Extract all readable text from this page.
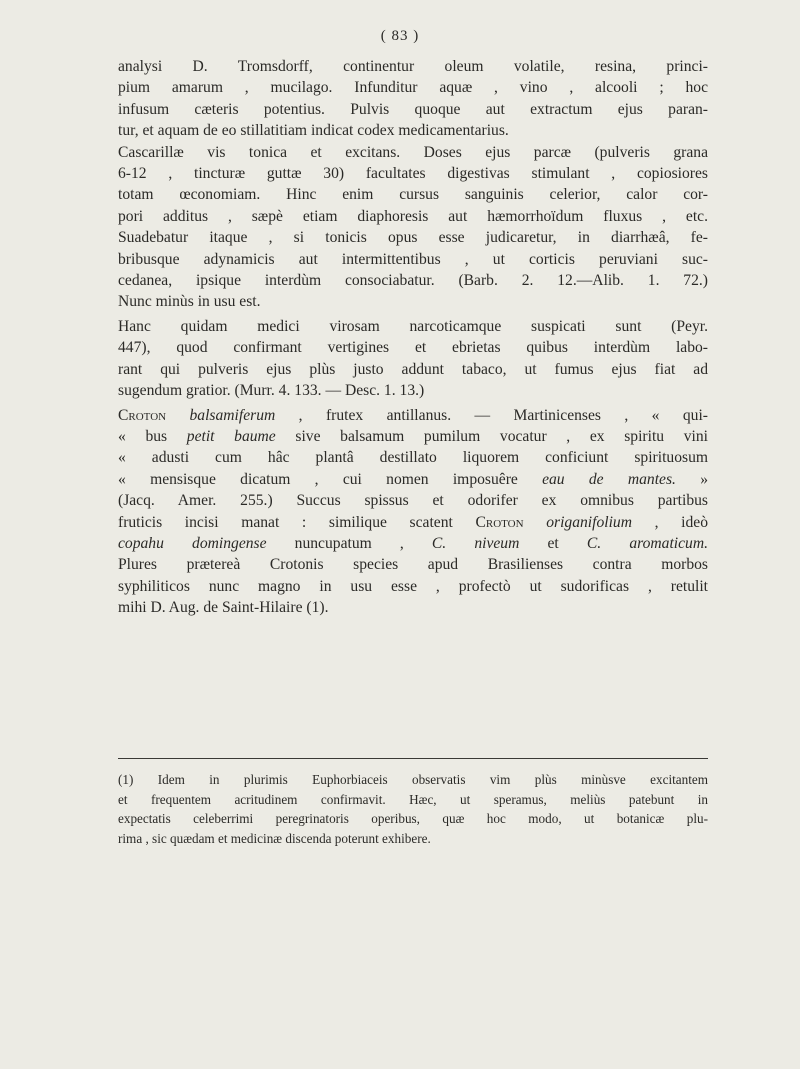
( 83 )

analysi D. Tromsdorff, continentur oleum volatile, resina, princi-
pium amarum , mucilago. Infunditur aquæ , vino , alcooli ; hoc
infusum cæteris potentius. Pulvis quoque aut extractum ejus paran-
tur, et aquam de eo stillatitiam indicat codex medicamentarius.

Cascarillæ vis tonica et excitans. Doses ejus parcæ (pulveris grana
6-12 , tincturæ guttæ 30) facultates digestivas stimulant , copiosiores
totam œconomiam. Hinc enim cursus sanguinis celerior, calor cor-
pori additus , sæpè etiam diaphoresis aut hæmorrhoïdum fluxus , etc.
Suadebatur itaque , si tonicis opus esse judicaretur, in diarrhæâ, fe-
bribusque adynamicis aut intermittentibus , ut corticis peruviani suc-
cedanea, ipsique interdùm consociabatur. (Barb. 2. 12.—Alib. 1. 72.)
Nunc minùs in usu est.

Hanc quidam medici virosam narcoticamque suspicati sunt (Peyr.
447), quod confirmant vertigines et ebrietas quibus interdùm labo-
rant qui pulveris ejus plùs justo addunt tabaco, ut fumus ejus fiat ad
sugendum gratior. (Murr. 4. 133. — Desc. 1. 13.)

Croton balsamiferum , frutex antillanus. — Martinicenses , « qui-
« bus petit baume sive balsamum pumilum vocatur , ex spiritu vini
« adusti cum hâc plantâ destillato liquorem conficiunt spirituosum
« mensisque dicatum , cui nomen imposuêre eau de mantes. »
(Jacq. Amer. 255.) Succus spissus et odorifer ex omnibus partibus
fruticis incisi manat : similique scatent Croton origanifolium , ideò
copahu domingense nuncupatum , C. niveum et C. aromaticum.
Plures prætereà Crotonis species apud Brasilienses contra morbos
syphiliticos nunc magno in usu esse , profectò ut sudorificas , retulit
mihi D. Aug. de Saint-Hilaire (1).

(1) Idem in plurimis Euphorbiaceis observatis vim plùs minùsve excitantem
et frequentem acritudinem confirmavit. Hæc, ut speramus, meliùs patebunt in
expectatis celeberrimi peregrinatoris operibus, quæ hoc modo, ut botanicæ plu-
rima , sic quædam et medicinæ discenda poterunt exhibere.
